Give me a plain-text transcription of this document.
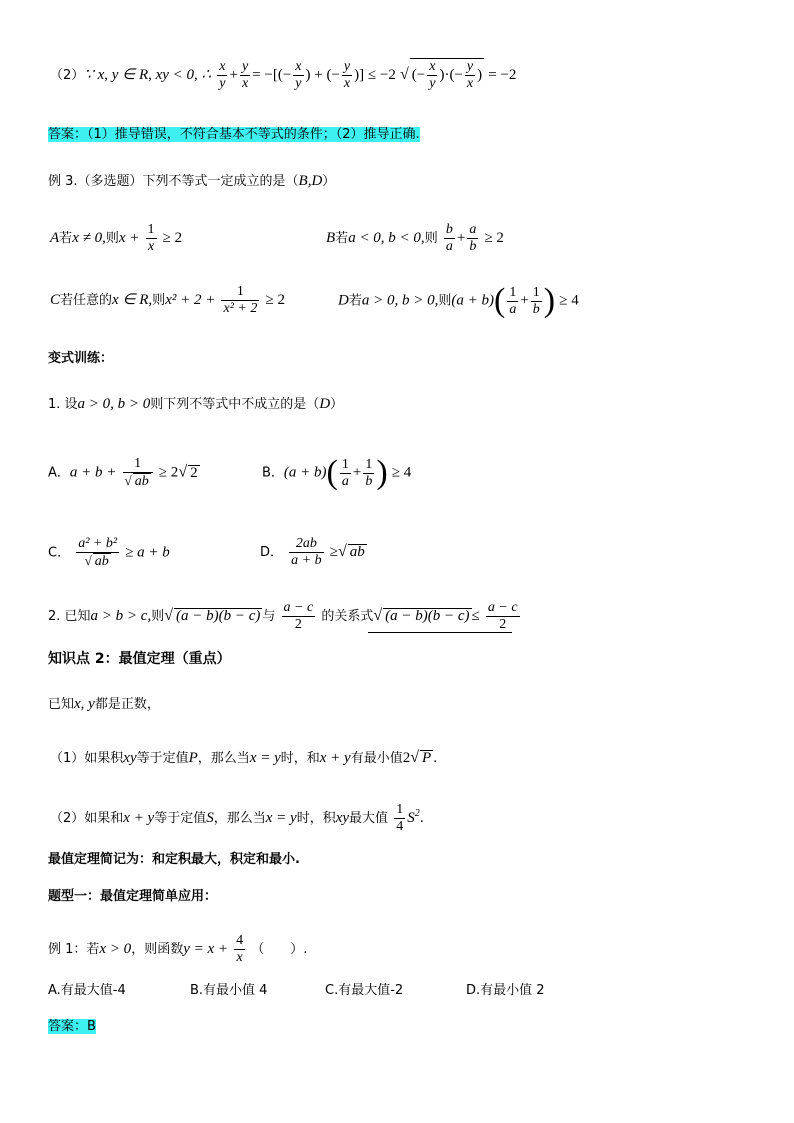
（2）∵ x, y ∈ R, xy < 0, ∴ $\frac{x}{y} + \frac{y}{x}$ = −[(− $\frac{x}{y}$ ) + (− $\frac{y}{x}$ )] ≤ −2 √ (− $\frac{x}{y}$ )·(− $\frac{y}{x}$ ) = −2
答案：（1）推导错误，不符合基本不等式的条件；（2）推导正确.
例 3.（多选题）下列不等式一定成立的是（B,D）
A若x ≠ 0,则$x + \frac{1}{x} \ge 2$	B若a < 0, b < 0,则 $\frac{b}{a} + \frac{a}{b} \ge 2$
C若任意的x ∈ R,则$x^2 + 2 + \frac{1}{\text{x² + 2}} \ge 2$	D若a > 0, b > 0,则$(a + b)( \frac{1}{a} + \frac{1}{b}$ ) ≥ 4
变式训练：
1. 设a > 0, b > 0则下列不等式中不成立的是（D）
A．$a + b + \frac{1}{√ ab} \ge 2√$ 2	B．$(a + b)( \frac{1}{a} + \frac{1}{b}$ ) ≥ 4
C． $\frac{\text{a² + b²}}{√ ab} \ge a + b$	D． $\frac{2ab}{a + b}$ ≥√ ab
2. 已知a > b > c,则√ (a − b)(b − c) 与 $\frac{a - c}{2}$ 的关系式√ $(a - b)(b - c) \le \frac{a - c}{2}$
知识点 2：最值定理（重点）
已知x, y都是正数，
（1）如果积xy等于定值P，那么当x = y时，和x + y有最小值2√ P .
（2）如果和x + y等于定值S，那么当x = y时，积xy最大值 $\frac{1}{4} S^2$.
最值定理简记为：和定积最大，积定和最小.
题型一：最值定理简单应用：
例 1：若x > 0，则函数$y = x + \frac{4}{x}$ （　　）.
A.有最大值-4	B.有最小值 4	C.有最大值-2	D.有最小值 2
答案：B
